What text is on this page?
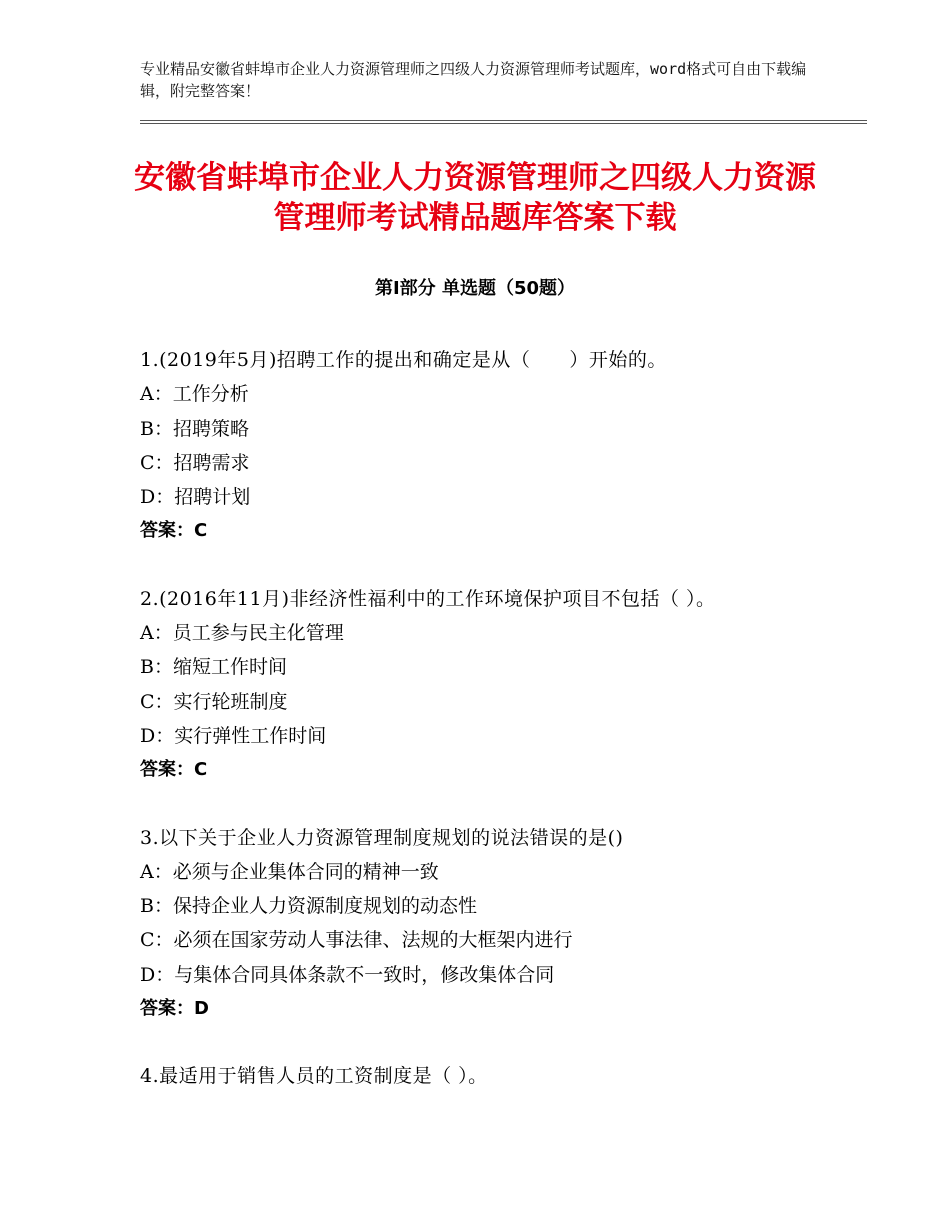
专业精品安徽省蚌埠市企业人力资源管理师之四级人力资源管理师考试题库，word格式可自由下载编辑，附完整答案！
安徽省蚌埠市企业人力资源管理师之四级人力资源管理师考试精品题库答案下载
第Ⅰ部分 单选题（50题）
1.(2019年5月)招聘工作的提出和确定是从（　　）开始的。
A：工作分析
B：招聘策略
C：招聘需求
D：招聘计划
答案：C
2.(2016年11月)非经济性福利中的工作环境保护项目不包括（ ）。
A：员工参与民主化管理
B：缩短工作时间
C：实行轮班制度
D：实行弹性工作时间
答案：C
3.以下关于企业人力资源管理制度规划的说法错误的是()
A：必须与企业集体合同的精神一致
B：保持企业人力资源制度规划的动态性
C：必须在国家劳动人事法律、法规的大框架内进行
D：与集体合同具体条款不一致时，修改集体合同
答案：D
4.最适用于销售人员的工资制度是（ ）。
